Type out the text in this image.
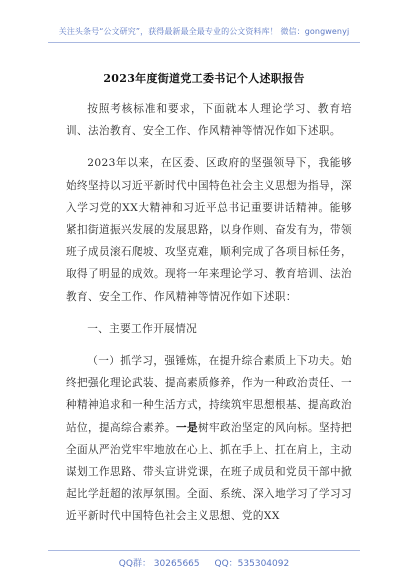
关注头条号“公文研究”，获得最新最全最专业的公文资料库！ 微信：gongwenyj
2023年度街道党工委书记个人述职报告

按照考核标准和要求，下面就本人理论学习、教育培训、法治教育、安全工作、作风精神等情况作如下述职。

2023年以来，在区委、区政府的坚强领导下，我能够始终坚持以习近平新时代中国特色社会主义思想为指导，深入学习党的XX大精神和习近平总书记重要讲话精神。能够紧扣街道振兴发展的发展思路，以身作则、奋发有为，带领班子成员滚石爬坡、攻坚克难，顺利完成了各项目标任务，取得了明显的成效。现将一年来理论学习、教育培训、法治教育、安全工作、作风精神等情况作如下述职：

一、主要工作开展情况

（一）抓学习，强锤炼，在提升综合素质上下功夫。始终把强化理论武装、提高素质修养，作为一种政治责任、一种精神追求和一种生活方式，持续筑牢思想根基、提高政治站位，提高综合素养。一是树牢政治坚定的风向标。坚持把全面从严治党牢牢地放在心上、抓在手上、扛在肩上，主动谋划工作思路、带头宣讲党课，在班子成员和党员干部中掀起比学赶超的浓厚氛围。全面、系统、深入地学习了学习习近平新时代中国特色社会主义思想、党的XX

QQ群： 30265665 QQ：535304092
